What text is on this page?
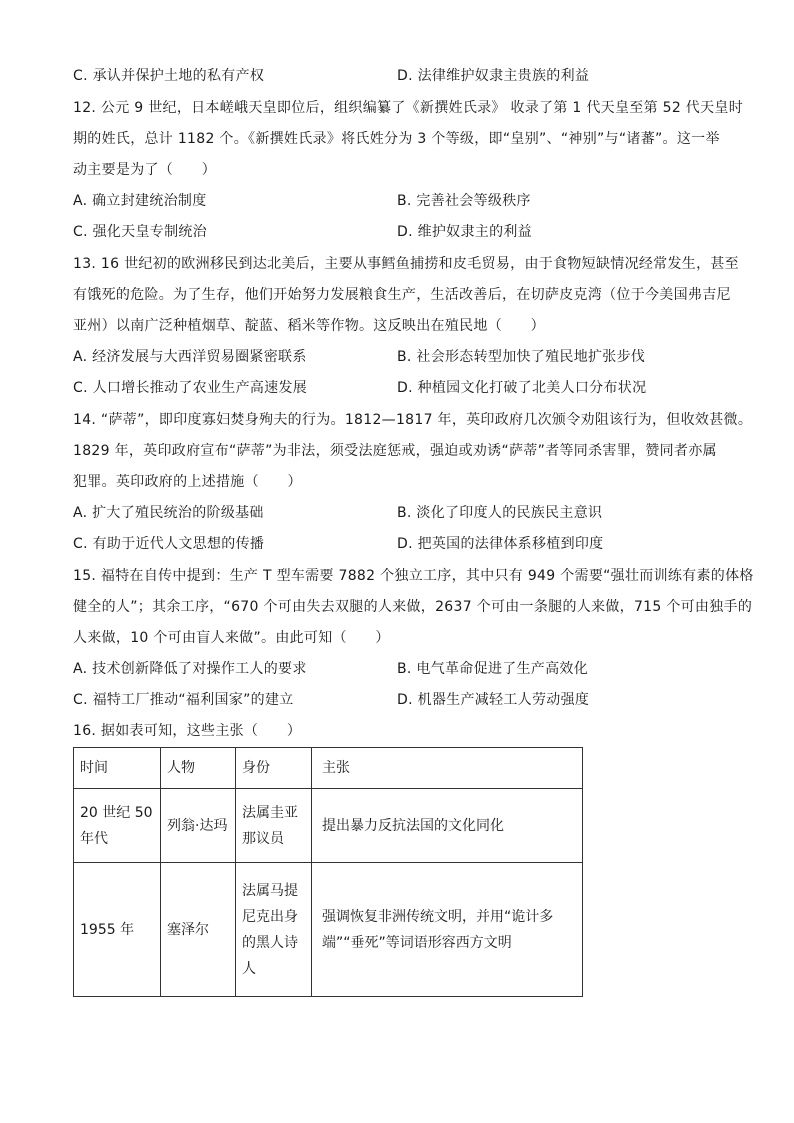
C. 承认并保护土地的私有产权	D. 法律维护奴隶主贵族的利益
12. 公元 9 世纪，日本嵯峨天皇即位后，组织编纂了《新撰姓氏录》 收录了第 1 代天皇至第 52 代天皇时
期的姓氏，总计 1182 个。《新撰姓氏录》将氏姓分为 3 个等级，即“皇别”、“神别”与“诸蕃”。这一举
动主要是为了（　　）
A. 确立封建统治制度	B. 完善社会等级秩序
C. 强化天皇专制统治	D. 维护奴隶主的利益
13. 16 世纪初的欧洲移民到达北美后，主要从事鳕鱼捕捞和皮毛贸易，由于食物短缺情况经常发生，甚至
有饿死的危险。为了生存，他们开始努力发展粮食生产，生活改善后，在切萨皮克湾（位于今美国弗吉尼
亚州）以南广泛种植烟草、靛蓝、稻米等作物。这反映出在殖民地（　　）
A. 经济发展与大西洋贸易圈紧密联系	B. 社会形态转型加快了殖民地扩张步伐
C. 人口增长推动了农业生产高速发展	D. 种植园文化打破了北美人口分布状况
14. “萨蒂”，即印度寡妇焚身殉夫的行为。1812—1817 年，英印政府几次颁令劝阻该行为，但收效甚微。
1829 年，英印政府宣布“萨蒂”为非法，须受法庭惩戒，强迫或劝诱“萨蒂”者等同杀害罪，赞同者亦属
犯罪。英印政府的上述措施（　　）
A. 扩大了殖民统治的阶级基础	B. 淡化了印度人的民族民主意识
C. 有助于近代人文思想的传播	D. 把英国的法律体系移植到印度
15. 福特在自传中提到：生产 T 型车需要 7882 个独立工序，其中只有 949 个需要“强壮而训练有素的体格
健全的人”；其余工序，“670 个可由失去双腿的人来做，2637 个可由一条腿的人来做，715 个可由独手的
人来做，10 个可由盲人来做”。由此可知（　　）
A. 技术创新降低了对操作工人的要求	B. 电气革命促进了生产高效化
C. 福特工厂推动“福利国家”的建立	D. 机器生产减轻工人劳动强度
16. 据如表可知，这些主张（　　）
时间	人物	身份	主张
20 世纪 50 年代	列翁·达玛	法属圭亚那议员	提出暴力反抗法国的文化同化
1955 年	塞泽尔	法属马提尼克出身的黑人诗人	强调恢复非洲传统文明，并用“诡计多端”“垂死”等词语形容西方文明
